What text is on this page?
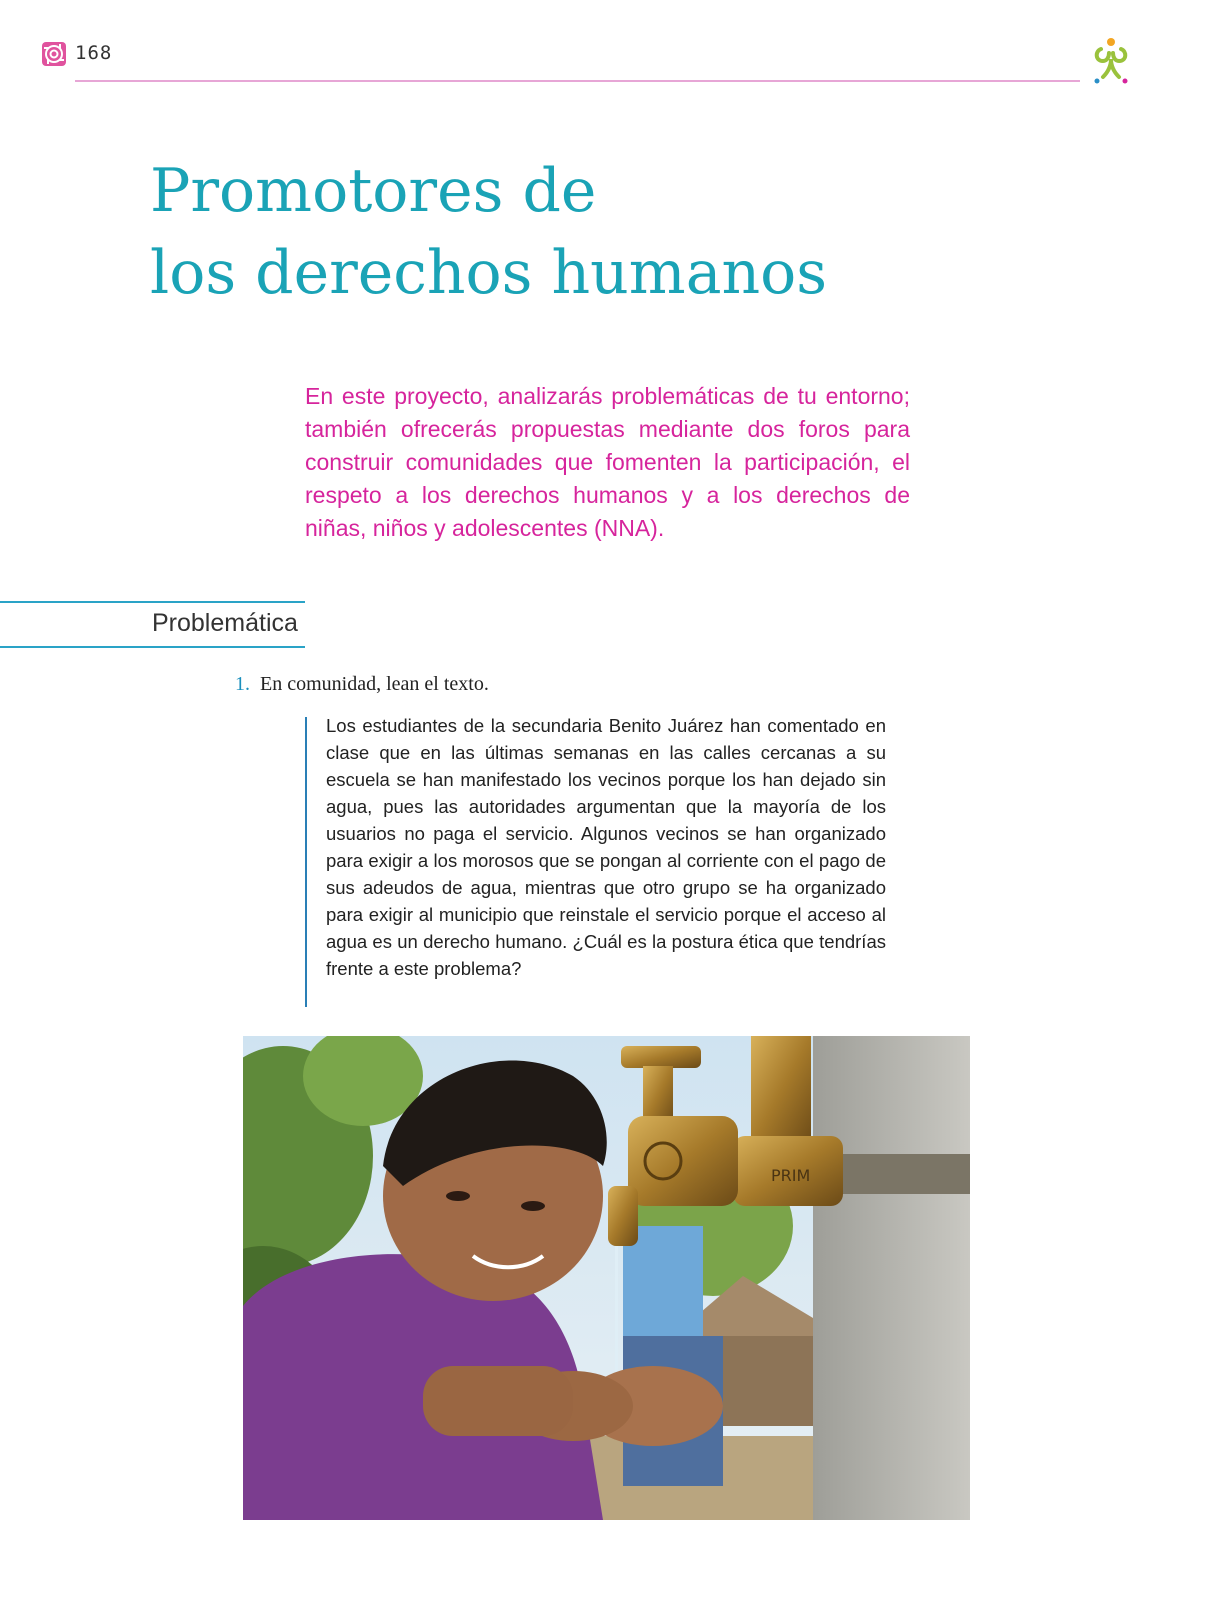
168
Promotores de
los derechos humanos

En este proyecto, analizarás problemáticas de tu entorno; también ofrecerás propuestas mediante dos foros para construir comunidades que fomenten la participación, el respeto a los derechos humanos y a los derechos de niñas, niños y adolescentes (NNA).

Problemática
1. En comunidad, lean el texto.

Los estudiantes de la secundaria Benito Juárez han comentado en clase que en las últimas semanas en las calles cercanas a su escuela se han manifestado los vecinos porque los han dejado sin agua, pues las autoridades argumentan que la mayoría de los usuarios no paga el servicio. Algunos vecinos se han organizado para exigir a los morosos que se pongan al corriente con el pago de sus adeudos de agua, mientras que otro grupo se ha organizado para exigir al municipio que reinstale el servicio porque el acceso al agua es un derecho humano. ¿Cuál es la postura ética que tendrías frente a este problema?

PRIM
